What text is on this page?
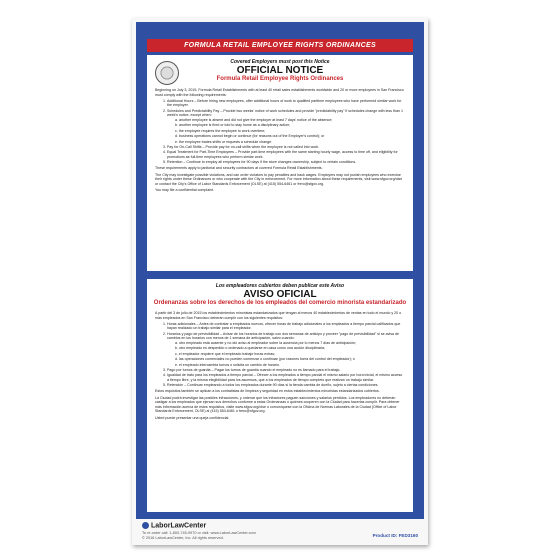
FORMULA RETAIL EMPLOYEE RIGHTS ORDINANCES
Covered Employers must post this Notice
OFFICIAL NOTICE
Formula Retail Employee Rights Ordinances

Beginning on July 3, 2015, Formula Retail Establishments with at least 40 retail sales establishments worldwide and 20 or more employees in San Francisco must comply with the following requirements:

1. Additional Hours – Before hiring new employees, offer additional hours of work to qualified parttime employees who have performed similar work for the employer.
2. Schedules and Predictability Pay – Provide two weeks' notice of work schedules and provide "predictability pay" if schedules change with less than 1 week's notice, except when:
a. another employee is absent and did not give the employer at least 7 days' notice of the absence;
b. another employee is fired or told to stay home as a disciplinary action;
c. the employee requires the employee to work overtime;
d. business operations cannot begin or continue (for reasons out of the Employer's control); or
e. the employee trades shifts or requests a schedule change.
3. Pay for On-Call Shifts – Provide pay for on-call shifts when the employee is not called into work.
4. Equal Treatment for Part-Time Employees – Provide part-time employees with the same starting hourly wage, access to time off, and eligibility for promotions as full-time employees who perform similar work.
5. Retention – Continue to employ all employees for 90 days if the store changes ownership, subject to certain conditions.

These requirements apply to janitorial and security contractors at covered Formula Retail Establishments.

The City may investigate possible violations, and can order violators to pay penalties and back wages. Employers may not punish employees who exercise their rights under these Ordinances or who cooperate with the City in enforcement. For more information about these requirements, visit www.sfgov.org/olse or contact the City's Office of Labor Standards Enforcement (OLSE) at (415) 554-6461 or frero@sfgov.org.

You may file a confidential complaint.

Los empleadores cubiertos deben publicar este Aviso
AVISO OFICIAL
Ordenanzas sobre los derechos de los empleados del comercio minorista estandarizado

A partir del 3 de julio de 2015 los establecimientos minoristas estandarizados que tengan al menos 40 establecimientos de ventas en todo el mundo y 20 o más empleados en San Francisco deberán cumplir con los siguientes requisitos:

1. Horas adicionales – Antes de contratar a empleados nuevos, ofrecer horas de trabajo adicionales a los empleados a tiempo parcial calificados que hayan realizado un trabajo similar para el empleador.
2. Horarios y pago de previsibilidad – Avisar de los horarios de trabajo con dos semanas de anticipo y proveer "pago de previsibilidad" si se avisa de cambios en los horarios con menos de 1 semana de anticipación, salvo cuando:
a. otro empleado está ausente y no dió aviso al empleador sobre la ausencia por lo menos 7 días de anticipación;
b. otro empleado es despedido o ordenado a quedarse en casa como una acción disciplinaria;
c. el empleador requiere que el empleado trabaje horas extras;
d. las operaciones comerciales no pueden comenzar o continuar (por razones fuera del control del empleador); o
e. el empleado intercambia turnos o solicita un cambio de horario.
3. Pago por turnos de guardia – Pagar los turnos de guardia cuando el empleado no es llamado para el trabajo.
4. Igualdad de trato para los empleados a tiempo parcial – Ofrecer a los empleados a tiempo parcial el mismo salario por hora inicial, el mismo acceso a tiempo libre, y la misma elegibilidad para los ascensos, que a los empleados de tiempo completo que realizan un trabajo similar.
5. Retención – Continuar empleando a todos los empleados durante 90 días si la tienda cambia de dueño, sujeto a ciertas condiciones.

Estos requisitos también se aplican a los contratistas de limpieza y seguridad en estos establecimientos minoristas estandarizados cubiertos.

La Ciudad podrá investigar las posibles infracciones, y ordenar que los infractores paguen sanciones y salarios perdidos. Los empleadores no deberán castigar a los empleados que ejerzan sus derechos conforme a estas Ordenanzas o quienes cooperen con la Ciudad para hacerlas cumplir. Para obtener más información acerca de estos requisitos, visite www.sfgov.org/olse o comuníquese con la Oficina de Normas Laborales de la Ciudad (Office of Labor Standards Enforcement, OLSE) al (415) 554-6461 o frero@sfgov.org.

Usted puede presentar una queja confidencial.

LaborLawCenter
To re-order call: 1-800-745-9970 or visit: www.LaborLawCenter.com
© 2016 LaborLawCenter, Inc. All rights reserved.	Product ID: FED3160
